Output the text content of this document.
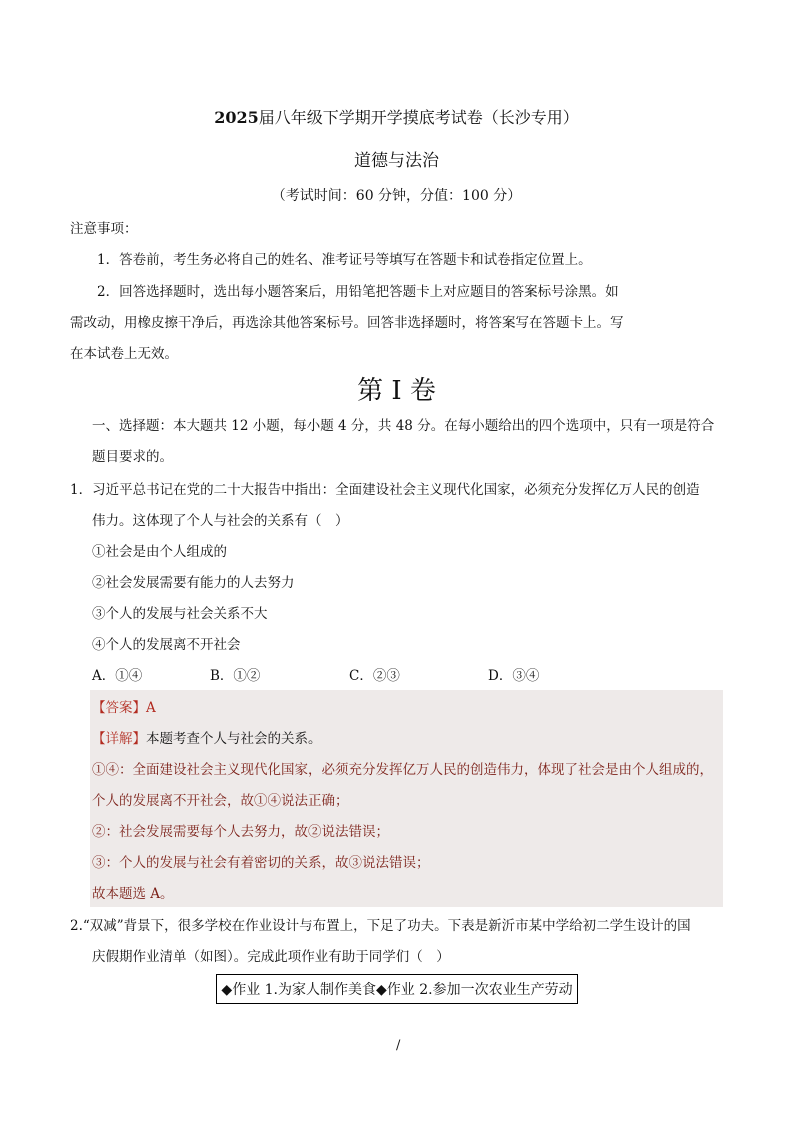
2025届八年级下学期开学摸底考试卷（长沙专用）
道德与法治
（考试时间：60 分钟，分值：100 分）
注意事项：
1．答卷前，考生务必将自己的姓名、准考证号等填写在答题卡和试卷指定位置上。
2．回答选择题时，选出每小题答案后，用铅笔把答题卡上对应题目的答案标号涂黑。如
需改动，用橡皮擦干净后，再选涂其他答案标号。回答非选择题时，将答案写在答题卡上。写
在本试卷上无效。
第 I 卷
一、选择题：本大题共 12 小题，每小题 4 分，共 48 分。在每小题给出的四个选项中，只有一项是符合
题目要求的。
1．习近平总书记在党的二十大报告中指出：全面建设社会主义现代化国家，必须充分发挥亿万人民的创造
伟力。这体现了个人与社会的关系有（　）
①社会是由个人组成的
②社会发展需要有能力的人去努力
③个人的发展与社会关系不大
④个人的发展离不开社会
A．①④	B．①②	C．②③	D．③④
【答案】A
【详解】本题考查个人与社会的关系。
①④：全面建设社会主义现代化国家，必须充分发挥亿万人民的创造伟力，体现了社会是由个人组成的，
个人的发展离不开社会，故①④说法正确；
②：社会发展需要每个人去努力，故②说法错误；
③：个人的发展与社会有着密切的关系，故③说法错误；
故本题选 A。
2.“双减”背景下，很多学校在作业设计与布置上，下足了功夫。下表是新沂市某中学给初二学生设计的国
庆假期作业清单（如图）。完成此项作业有助于同学们（　）
◆作业 1.为家人制作美食◆作业 2.参加一次农业生产劳动
/
